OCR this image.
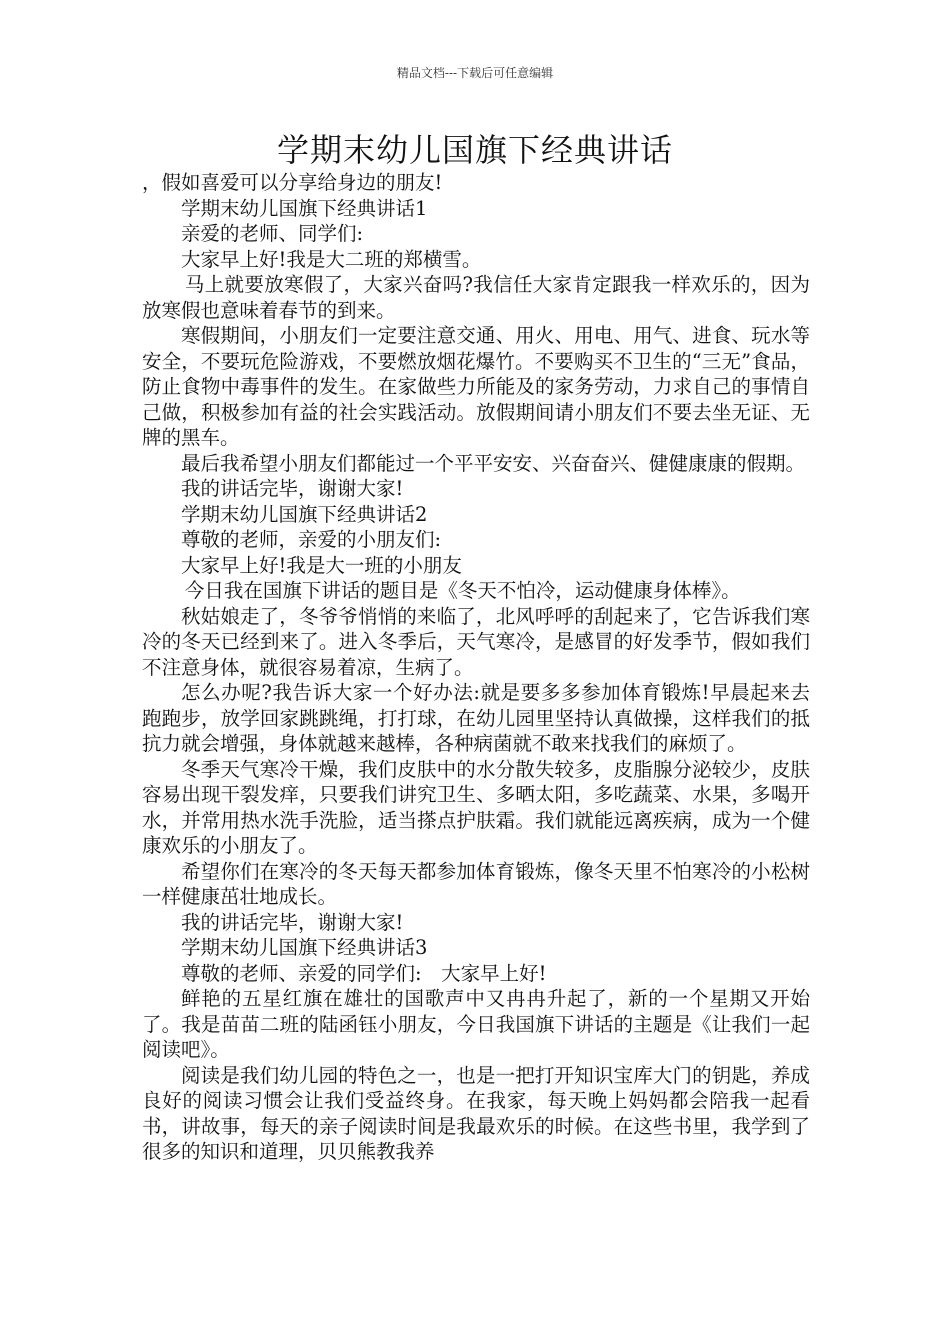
精品文档---下载后可任意编辑
学期末幼儿国旗下经典讲话

，假如喜爱可以分享给身边的朋友!

学期末幼儿国旗下经典讲话1

亲爱的老师、同学们:

大家早上好!我是大二班的郑横雪。

马上就要放寒假了，大家兴奋吗?我信任大家肯定跟我一样欢乐的，因为放寒假也意味着春节的到来。

寒假期间，小朋友们一定要注意交通、用火、用电、用气、进食、玩水等安全，不要玩危险游戏，不要燃放烟花爆竹。不要购买不卫生的“三无”食品，防止食物中毒事件的发生。在家做些力所能及的家务劳动，力求自己的事情自己做，积极参加有益的社会实践活动。放假期间请小朋友们不要去坐无证、无牌的黑车。

最后我希望小朋友们都能过一个平平安安、兴奋奋兴、健健康康的假期。

我的讲话完毕，谢谢大家!

学期末幼儿国旗下经典讲话2

尊敬的老师，亲爱的小朋友们:

大家早上好!我是大一班的小朋友

今日我在国旗下讲话的题目是《冬天不怕冷，运动健康身体棒》。

秋姑娘走了，冬爷爷悄悄的来临了，北风呼呼的刮起来了，它告诉我们寒冷的冬天已经到来了。进入冬季后，天气寒冷，是感冒的好发季节，假如我们不注意身体，就很容易着凉，生病了。

怎么办呢?我告诉大家一个好办法:就是要多多参加体育锻炼!早晨起来去跑跑步，放学回家跳跳绳，打打球，在幼儿园里坚持认真做操，这样我们的抵抗力就会增强，身体就越来越棒，各种病菌就不敢来找我们的麻烦了。

冬季天气寒冷干燥，我们皮肤中的水分散失较多，皮脂腺分泌较少，皮肤容易出现干裂发痒，只要我们讲究卫生、多晒太阳，多吃蔬菜、水果，多喝开水，并常用热水洗手洗脸，适当搽点护肤霜。我们就能远离疾病，成为一个健康欢乐的小朋友了。

希望你们在寒冷的冬天每天都参加体育锻炼，像冬天里不怕寒冷的小松树一样健康茁壮地成长。

我的讲话完毕，谢谢大家!

学期末幼儿国旗下经典讲话3

尊敬的老师、亲爱的同学们:　大家早上好!

鲜艳的五星红旗在雄壮的国歌声中又冉冉升起了，新的一个星期又开始了。我是苗苗二班的陆函钰小朋友，今日我国旗下讲话的主题是《让我们一起阅读吧》。

阅读是我们幼儿园的特色之一，也是一把打开知识宝库大门的钥匙，养成良好的阅读习惯会让我们受益终身。在我家，每天晚上妈妈都会陪我一起看书，讲故事，每天的亲子阅读时间是我最欢乐的时候。在这些书里，我学到了很多的知识和道理，贝贝熊教我养
